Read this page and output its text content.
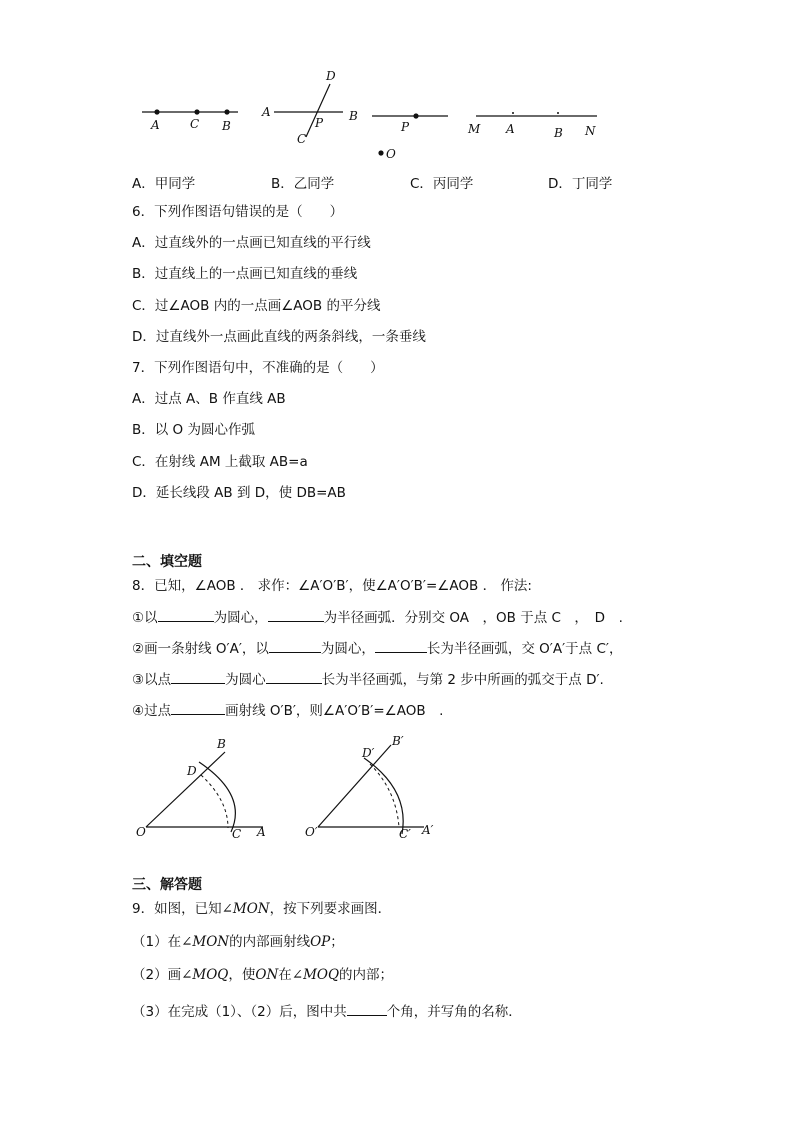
A	C B
A	B
C
D
P	P
O
M A	B N
A．甲同学	B．乙同学	C．丙同学	D．丁同学
6．下列作图语句错误的是（　　）
A．过直线外的一点画已知直线的平行线
B．过直线上的一点画已知直线的垂线
C．过∠AOB 内的一点画∠AOB 的平分线
D．过直线外一点画此直线的两条斜线，一条垂线
7．下列作图语句中，不准确的是（　　）
A．过点 A、B 作直线 AB
B．以 O 为圆心作弧
C．在射线 AM 上截取 AB=a
D．延长线段 AB 到 D，使 DB=AB
二、填空题
8．已知，∠AOB ． 求作：∠A′O′B′，使∠A′O′B′=∠AOB ． 作法:
①以	为圆心，	为半径画弧．分别交 OA　，OB 于点 C　，　D　.
②画一条射线 O′A′，以	为圆心，	长为半径画弧，交 O′A′于点 C′，
③以点	为圆心	长为半径画弧，与第 2 步中所画的弧交于点 D′.
④过点	画射线 O′B′，则∠A′O′B′=∠AOB　.
B
D
O	C A
B′
D′
O′	C′ A′
三、解答题
9．如图，已知∠MON，按下列要求画图．
（1）在∠MON的内部画射线OP；
（2）画∠MOQ，使ON在∠MOQ的内部；
（3）在完成（1）、（2）后，图中共	个角，并写角的名称．
